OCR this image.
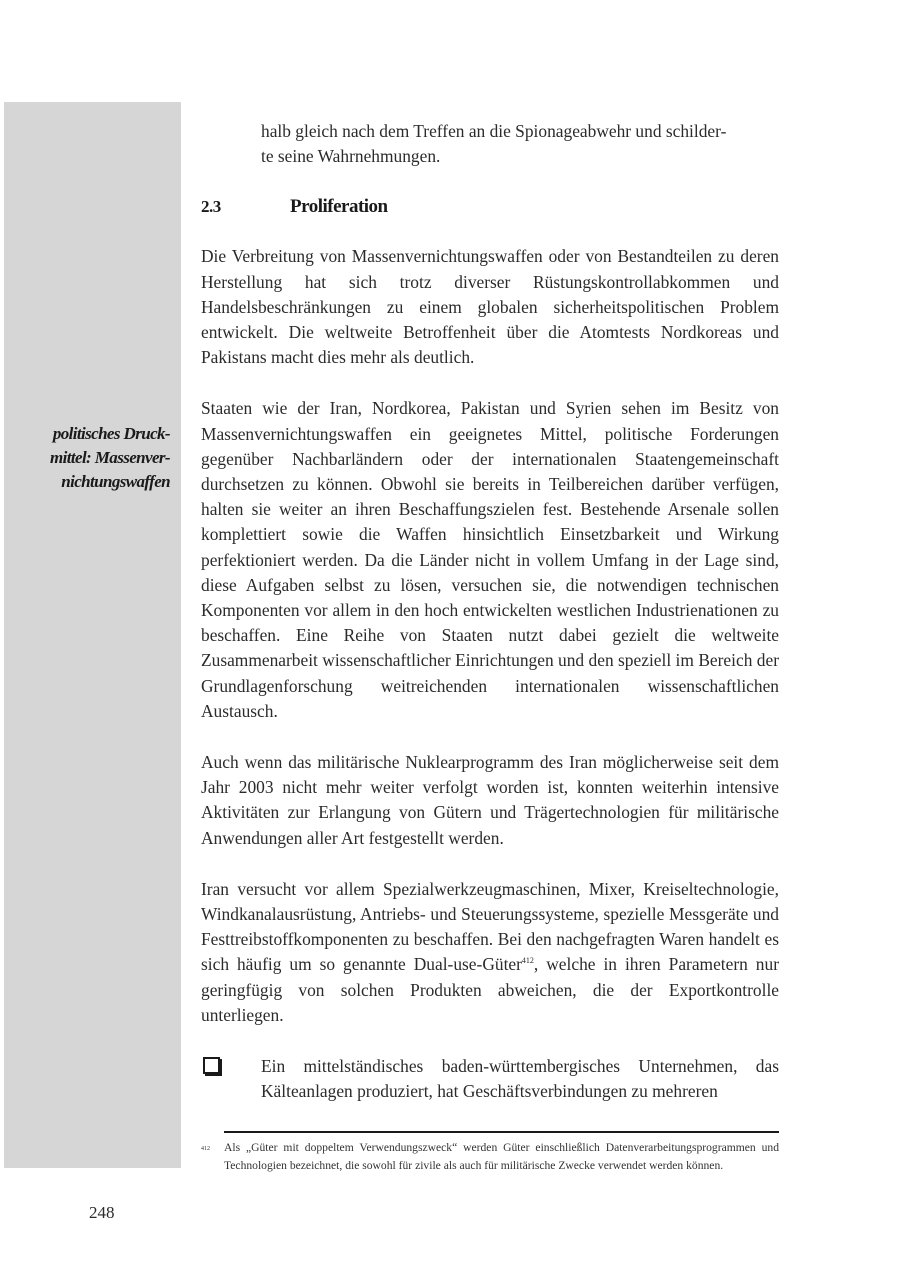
politisches Druck-
mittel: Massenver-
nichtungswaffen
halb gleich nach dem Treffen an die Spionageabwehr und schilder-
te seine Wahrnehmungen.
2.3	Proliferation

Die Verbreitung von Massenvernichtungswaffen oder von Bestandteilen zu deren Herstellung hat sich trotz diverser Rüstungskontrollabkommen und Handelsbeschränkungen zu einem globalen sicherheitspolitischen Problem entwickelt. Die weltweite Betroffenheit über die Atomtests Nordkoreas und Pakistans macht dies mehr als deutlich.

Staaten wie der Iran, Nordkorea, Pakistan und Syrien sehen im Besitz von Massenvernichtungswaffen ein geeignetes Mittel, politische Forderungen gegenüber Nachbarländern oder der internationalen Staatengemeinschaft durchsetzen zu können. Obwohl sie bereits in Teilbereichen darüber verfügen, halten sie weiter an ihren Beschaffungszielen fest. Bestehende Arsenale sollen komplettiert sowie die Waffen hinsichtlich Einsetzbarkeit und Wirkung perfektioniert werden. Da die Länder nicht in vollem Umfang in der Lage sind, diese Aufgaben selbst zu lösen, versuchen sie, die notwendigen technischen Komponenten vor allem in den hoch entwickelten westlichen Industrienationen zu beschaffen. Eine Reihe von Staaten nutzt dabei gezielt die weltweite Zusammenarbeit wissenschaftlicher Einrichtungen und den speziell im Bereich der Grundlagenforschung weitreichenden internationalen wissenschaftlichen Austausch.

Auch wenn das militärische Nuklearprogramm des Iran möglicherweise seit dem Jahr 2003 nicht mehr weiter verfolgt worden ist, konnten weiterhin intensive Aktivitäten zur Erlangung von Gütern und Trägertechnologien für militärische Anwendungen aller Art festgestellt werden.

Iran versucht vor allem Spezialwerkzeugmaschinen, Mixer, Kreiseltechnologie, Windkanalausrüstung, Antriebs- und Steuerungssysteme, spezielle Messgeräte und Festtreibstoffkomponenten zu beschaffen. Bei den nachgefragten Waren handelt es sich häufig um so genannte Dual-use-Güter$^{412}$, welche in ihren Parametern nur geringfügig von solchen Produkten abweichen, die der Exportkontrolle unterliegen.

Ein mittelständisches baden-württembergisches Unternehmen, das Kälteanlagen produziert, hat Geschäftsverbindungen zu mehreren
412	Als „Güter mit doppeltem Verwendungszweck“ werden Güter einschließlich Datenverarbeitungsprogrammen und Technologien bezeichnet, die sowohl für zivile als auch für militärische Zwecke verwendet werden können.
248
